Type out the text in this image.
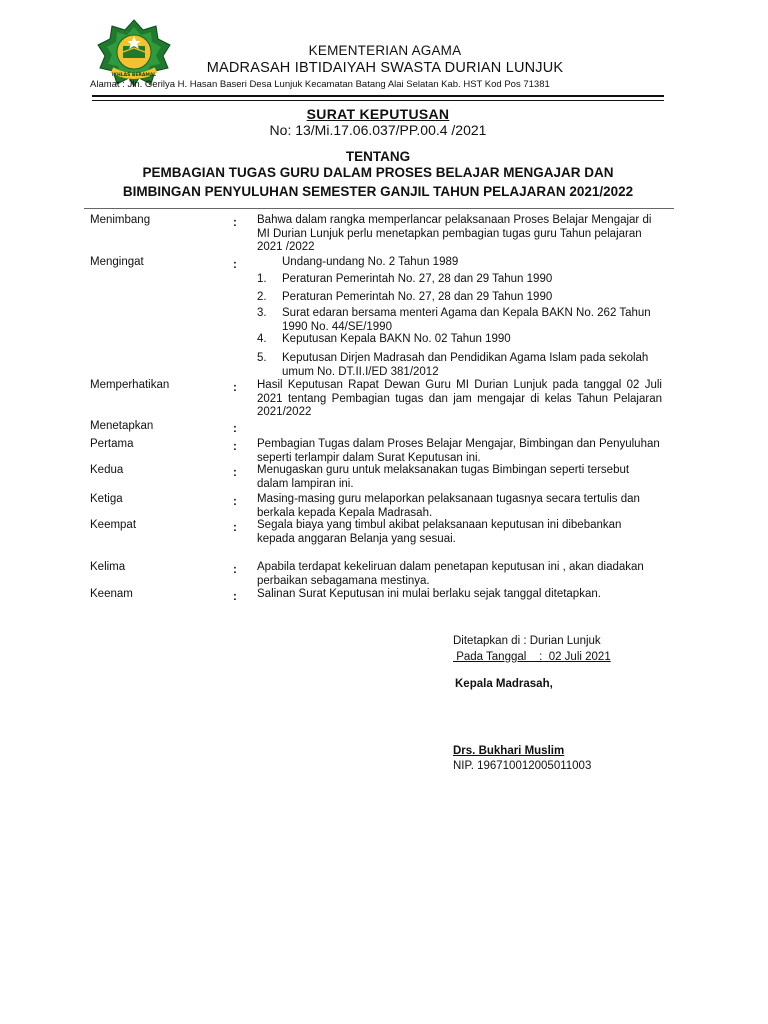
IKHLAS BERAMAL
KEMENTERIAN AGAMA
MADRASAH IBTIDAIYAH SWASTA DURIAN LUNJUK
Alamat : Jln. Gerilya H. Hasan Baseri Desa Lunjuk Kecamatan Batang Alai Selatan Kab. HST Kod Pos 71381
SURAT KEPUTUSAN
No: 13/Mi.17.06.037/PP.00.4 /2021
TENTANG
PEMBAGIAN TUGAS GURU DALAM PROSES BELAJAR MENGAJAR DAN
BIMBINGAN PENYULUHAN SEMESTER GANJIL TAHUN PELAJARAN 2021/2022
Menimbang	: Bahwa dalam rangka memperlancar pelaksanaan Proses Belajar Mengajar di MI Durian Lunjuk perlu menetapkan pembagian tugas guru Tahun pelajaran 2021 /2022
Mengingat	:	Undang-undang No. 2 Tahun 1989
1. Peraturan Pemerintah No. 27, 28 dan 29 Tahun 1990
2. Peraturan Pemerintah No. 27, 28 dan 29 Tahun 1990
3. Surat edaran bersama menteri Agama dan Kepala BAKN No. 262 Tahun 1990 No. 44/SE/1990
4. Keputusan Kepala BAKN No. 02 Tahun 1990
5. Keputusan Dirjen Madrasah dan Pendidikan Agama Islam pada sekolah umum No. DT.II.I/ED 381/2012
Memperhatikan	: Hasil Keputusan Rapat Dewan Guru MI Durian Lunjuk pada tanggal 02 Juli 2021 tentang Pembagian tugas dan jam mengajar di kelas Tahun Pelajaran 2021/2022
Menetapkan	:
Pertama	: Pembagian Tugas dalam Proses Belajar Mengajar, Bimbingan dan Penyuluhan seperti terlampir dalam Surat Keputusan ini.
Kedua	: Menugaskan guru untuk melaksanakan tugas Bimbingan seperti tersebut dalam lampiran ini.
Ketiga	: Masing-masing guru melaporkan pelaksanaan tugasnya secara tertulis dan berkala kepada Kepala Madrasah.
Keempat	: Segala biaya yang timbul akibat pelaksanaan keputusan ini dibebankan kepada anggaran Belanja yang sesuai.
Kelima	: Apabila terdapat kekeliruan dalam penetapan keputusan ini , akan diadakan perbaikan sebagamana mestinya.
Keenam	: Salinan Surat Keputusan ini mulai berlaku sejak tanggal ditetapkan.
Ditetapkan di : Durian Lunjuk
Pada Tanggal    :  02 Juli 2021
Kepala Madrasah,
Drs. Bukhari Muslim
NIP. 196710012005011003
